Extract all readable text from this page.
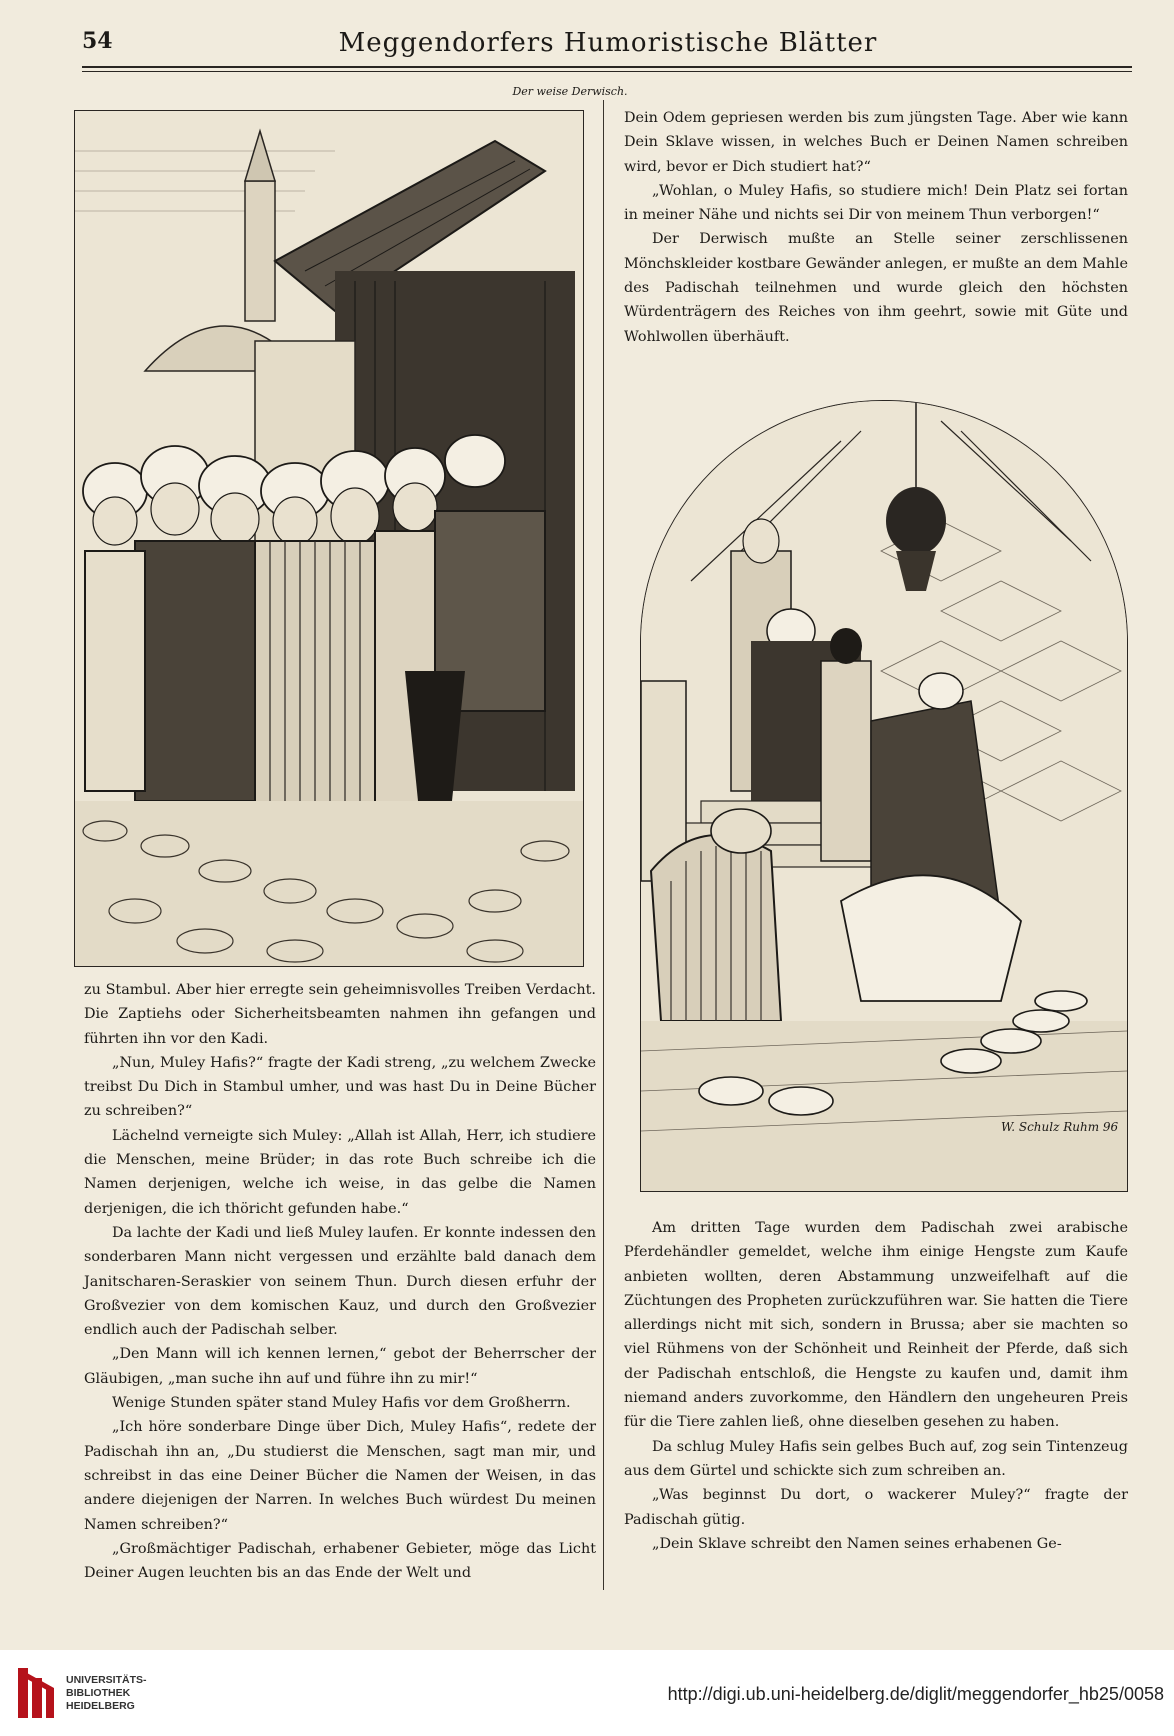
54	Meggendorfers Humoristische Blätter
Der weise Derwisch.
W. Schulz Ruhm 96

zu Stambul. Aber hier erregte sein geheimnisvolles Treiben Verdacht. Die Zaptiehs oder Sicherheitsbeamten nahmen ihn gefangen und führten ihn vor den Kadi.

„Nun, Muley Hafis?“ fragte der Kadi streng, „zu welchem Zwecke treibst Du Dich in Stambul umher, und was hast Du in Deine Bücher zu schreiben?“

Lächelnd verneigte sich Muley: „Allah ist Allah, Herr, ich studiere die Menschen, meine Brüder; in das rote Buch schreibe ich die Namen derjenigen, welche ich weise, in das gelbe die Namen derjenigen, die ich thöricht gefunden habe.“

Da lachte der Kadi und ließ Muley laufen. Er konnte indessen den sonderbaren Mann nicht vergessen und erzählte bald danach dem Janitscharen-Seraskier von seinem Thun. Durch diesen erfuhr der Großvezier von dem komischen Kauz, und durch den Großvezier endlich auch der Padischah selber.

„Den Mann will ich kennen lernen,“ gebot der Beherrscher der Gläubigen, „man suche ihn auf und führe ihn zu mir!“

Wenige Stunden später stand Muley Hafis vor dem Großherrn.

„Ich höre sonderbare Dinge über Dich, Muley Hafis“, redete der Padischah ihn an, „Du studierst die Menschen, sagt man mir, und schreibst in das eine Deiner Bücher die Namen der Weisen, in das andere diejenigen der Narren. In welches Buch würdest Du meinen Namen schreiben?“

„Großmächtiger Padischah, erhabener Gebieter, möge das Licht Deiner Augen leuchten bis an das Ende der Welt und

Dein Odem gepriesen werden bis zum jüngsten Tage. Aber wie kann Dein Sklave wissen, in welches Buch er Deinen Namen schreiben wird, bevor er Dich studiert hat?“

„Wohlan, o Muley Hafis, so studiere mich! Dein Platz sei fortan in meiner Nähe und nichts sei Dir von meinem Thun verborgen!“

Der Derwisch mußte an Stelle seiner zerschlissenen Mönchskleider kostbare Gewänder anlegen, er mußte an dem Mahle des Padischah teilnehmen und wurde gleich den höchsten Würdenträgern des Reiches von ihm geehrt, sowie mit Güte und Wohlwollen überhäuft.

Am dritten Tage wurden dem Padischah zwei arabische Pferdehändler gemeldet, welche ihm einige Hengste zum Kaufe anbieten wollten, deren Abstammung unzweifelhaft auf die Züchtungen des Propheten zurückzuführen war. Sie hatten die Tiere allerdings nicht mit sich, sondern in Brussa; aber sie machten so viel Rühmens von der Schönheit und Reinheit der Pferde, daß sich der Padischah entschloß, die Hengste zu kaufen und, damit ihm niemand anders zuvorkomme, den Händlern den ungeheuren Preis für die Tiere zahlen ließ, ohne dieselben gesehen zu haben.

Da schlug Muley Hafis sein gelbes Buch auf, zog sein Tintenzeug aus dem Gürtel und schickte sich zum schreiben an.

„Was beginnst Du dort, o wackerer Muley?“ fragte der Padischah gütig.

„Dein Sklave schreibt den Namen seines erhabenen Ge-

UNIVERSITÄTS-
BIBLIOTHEK
HEIDELBERG
http://digi.ub.uni-heidelberg.de/diglit/meggendorfer_hb25/0058
